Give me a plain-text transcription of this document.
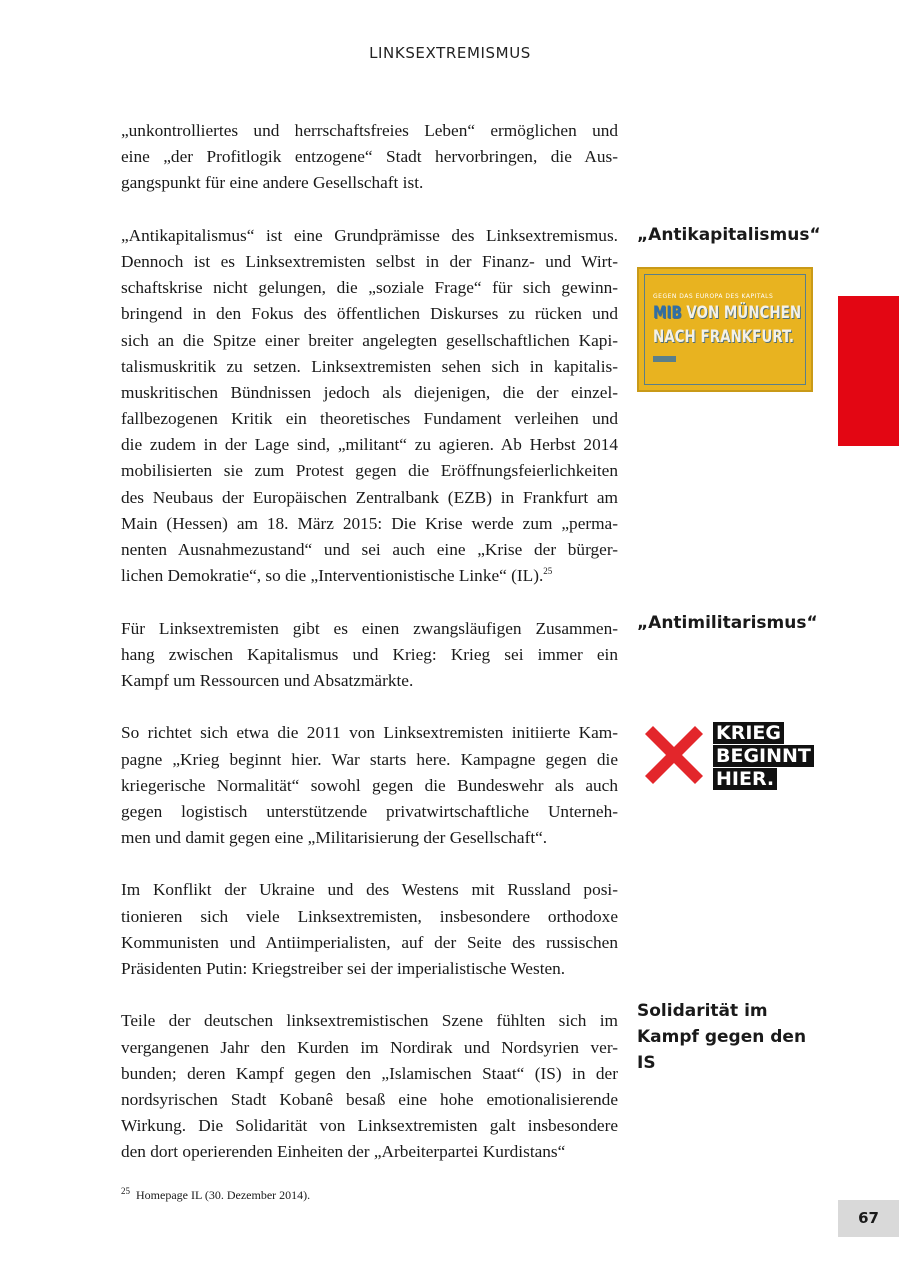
LINKSEXTREMISMUS
„unkontrolliertes und herrschaftsfreies Leben“ ermöglichen und
eine „der Profitlogik entzogene“ Stadt hervorbringen, die Aus-
gangspunkt für eine andere Gesellschaft ist.
„Antikapitalismus“ ist eine Grundprämisse des Linksextremismus.
Dennoch ist es Linksextremisten selbst in der Finanz- und Wirt-
schaftskrise nicht gelungen, die „soziale Frage“ für sich gewinn-
bringend in den Fokus des öffentlichen Diskurses zu rücken und
sich an die Spitze einer breiter angelegten gesellschaftlichen Kapi-
talismuskritik zu setzen. Linksextremisten sehen sich in kapitalis-
muskritischen Bündnissen jedoch als diejenigen, die der einzel-
fallbezogenen Kritik ein theoretisches Fundament verleihen und
die zudem in der Lage sind, „militant“ zu agieren. Ab Herbst 2014
mobilisierten sie zum Protest gegen die Eröffnungsfeierlichkeiten
des Neubaus der Europäischen Zentralbank (EZB) in Frankfurt am
Main (Hessen) am 18. März 2015: Die Krise werde zum „perma-
nenten Ausnahmezustand“ und sei auch eine „Krise der bürger-
lichen Demokratie“, so die „Interventionistische Linke“ (IL).$^{25}$
Für Linksextremisten gibt es einen zwangsläufigen Zusammen-
hang zwischen Kapitalismus und Krieg: Krieg sei immer ein
Kampf um Ressourcen und Absatzmärkte.
So richtet sich etwa die 2011 von Linksextremisten initiierte Kam-
pagne „Krieg beginnt hier. War starts here. Kampagne gegen die
kriegerische Normalität“ sowohl gegen die Bundeswehr als auch
gegen logistisch unterstützende privatwirtschaftliche Unterneh-
men und damit gegen eine „Militarisierung der Gesellschaft“.
Im Konflikt der Ukraine und des Westens mit Russland posi-
tionieren sich viele Linksextremisten, insbesondere orthodoxe
Kommunisten und Antiimperialisten, auf der Seite des russischen
Präsidenten Putin: Kriegstreiber sei der imperialistische Westen.
Teile der deutschen linksextremistischen Szene fühlten sich im
vergangenen Jahr den Kurden im Nordirak und Nordsyrien ver-
bunden; deren Kampf gegen den „Islamischen Staat“ (IS) in der
nordsyrischen Stadt Kobanê besaß eine hohe emotionalisierende
Wirkung. Die Solidarität von Linksextremisten galt insbesondere
den dort operierenden Einheiten der „Arbeiterpartei Kurdistans“
„Antikapitalismus“
„Antimilitarismus“
Solidarität im Kampf gegen den IS
GEGEN DAS EUROPA DES KAPITALS
MIB VON MÜNCHEN
NACH FRANKFURT.

KRIEG
BEGINNT
HIER.
$^{25}$ Homepage IL (30. Dezember 2014).
67
